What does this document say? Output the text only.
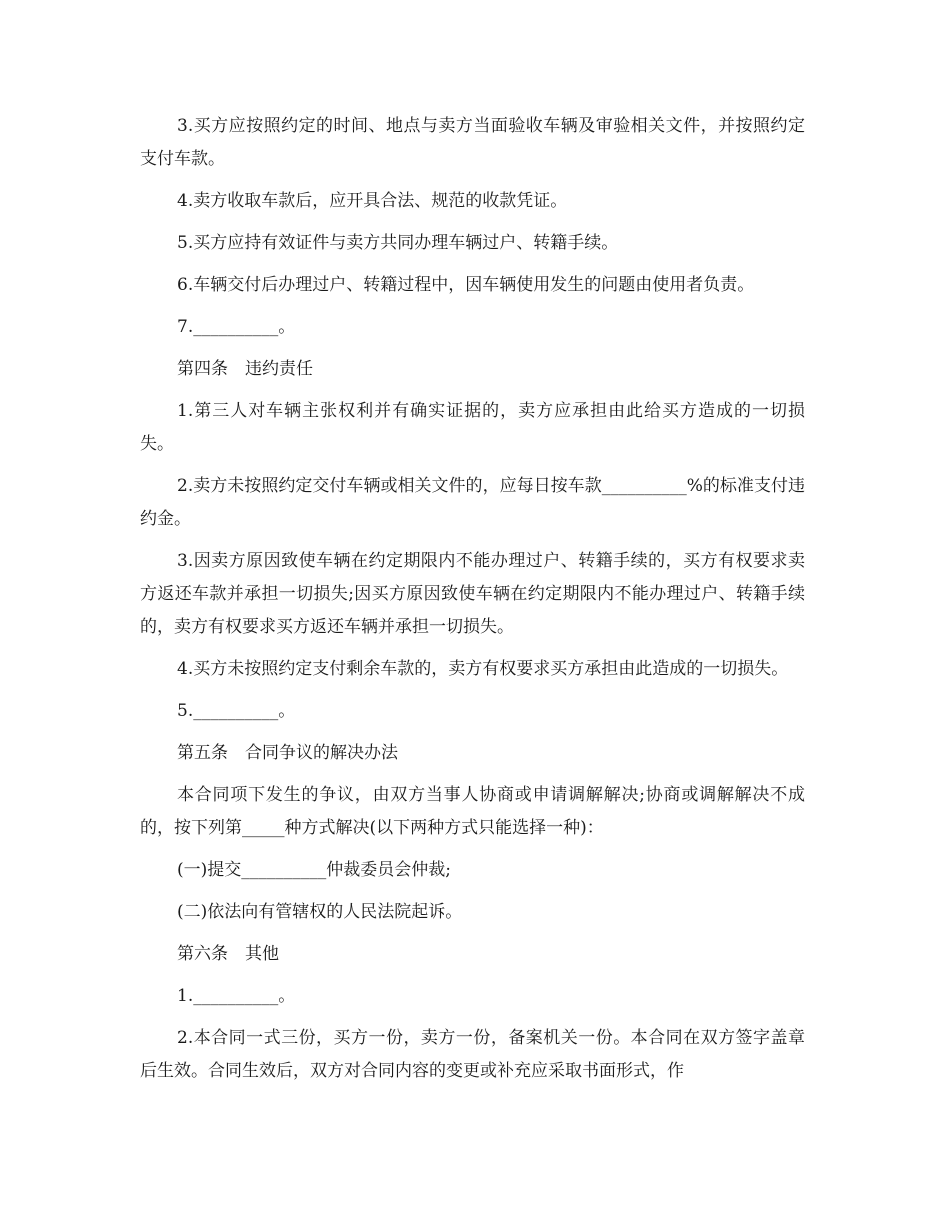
3.买方应按照约定的时间、地点与卖方当面验收车辆及审验相关文件，并按照约定支付车款。

4.卖方收取车款后，应开具合法、规范的收款凭证。

5.买方应持有效证件与卖方共同办理车辆过户、转籍手续。

6.车辆交付后办理过户、转籍过程中，因车辆使用发生的问题由使用者负责。

7.__________。

第四条　违约责任

1.第三人对车辆主张权利并有确实证据的，卖方应承担由此给买方造成的一切损失。

2.卖方未按照约定交付车辆或相关文件的，应每日按车款__________%的标准支付违约金。

3.因卖方原因致使车辆在约定期限内不能办理过户、转籍手续的，买方有权要求卖方返还车款并承担一切损失;因买方原因致使车辆在约定期限内不能办理过户、转籍手续的，卖方有权要求买方返还车辆并承担一切损失。

4.买方未按照约定支付剩余车款的，卖方有权要求买方承担由此造成的一切损失。

5.__________。

第五条　合同争议的解决办法

本合同项下发生的争议，由双方当事人协商或申请调解解决;协商或调解解决不成的，按下列第_____种方式解决(以下两种方式只能选择一种)：

(一)提交__________仲裁委员会仲裁;

(二)依法向有管辖权的人民法院起诉。

第六条　其他

1.__________。

2.本合同一式三份，买方一份，卖方一份，备案机关一份。本合同在双方签字盖章后生效。合同生效后，双方对合同内容的变更或补充应采取书面形式，作
